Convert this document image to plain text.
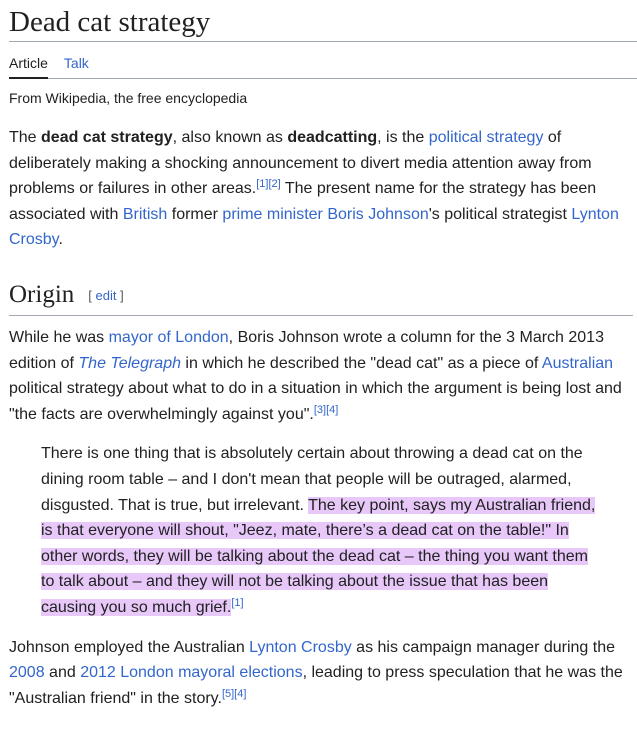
Dead cat strategy
Article Talk
From Wikipedia, the free encyclopedia

The dead cat strategy, also known as deadcatting, is the political strategy of deliberately making a shocking announcement to divert media attention away from problems or failures in other areas.[1][2] The present name for the strategy has been associated with British former prime minister Boris Johnson's political strategist Lynton Crosby.

Origin [ edit ]

While he was mayor of London, Boris Johnson wrote a column for the 3 March 2013 edition of The Telegraph in which he described the "dead cat" as a piece of Australian political strategy about what to do in a situation in which the argument is being lost and "the facts are overwhelmingly against you".[3][4]

There is one thing that is absolutely certain about throwing a dead cat on the dining room table – and I don't mean that people will be outraged, alarmed, disgusted. That is true, but irrelevant. The key point, says my Australian friend, is that everyone will shout, "Jeez, mate, there’s a dead cat on the table!" In other words, they will be talking about the dead cat – the thing you want them to talk about – and they will not be talking about the issue that has been causing you so much grief.[1]

Johnson employed the Australian Lynton Crosby as his campaign manager during the 2008 and 2012 London mayoral elections, leading to press speculation that he was the "Australian friend" in the story.[5][4]
